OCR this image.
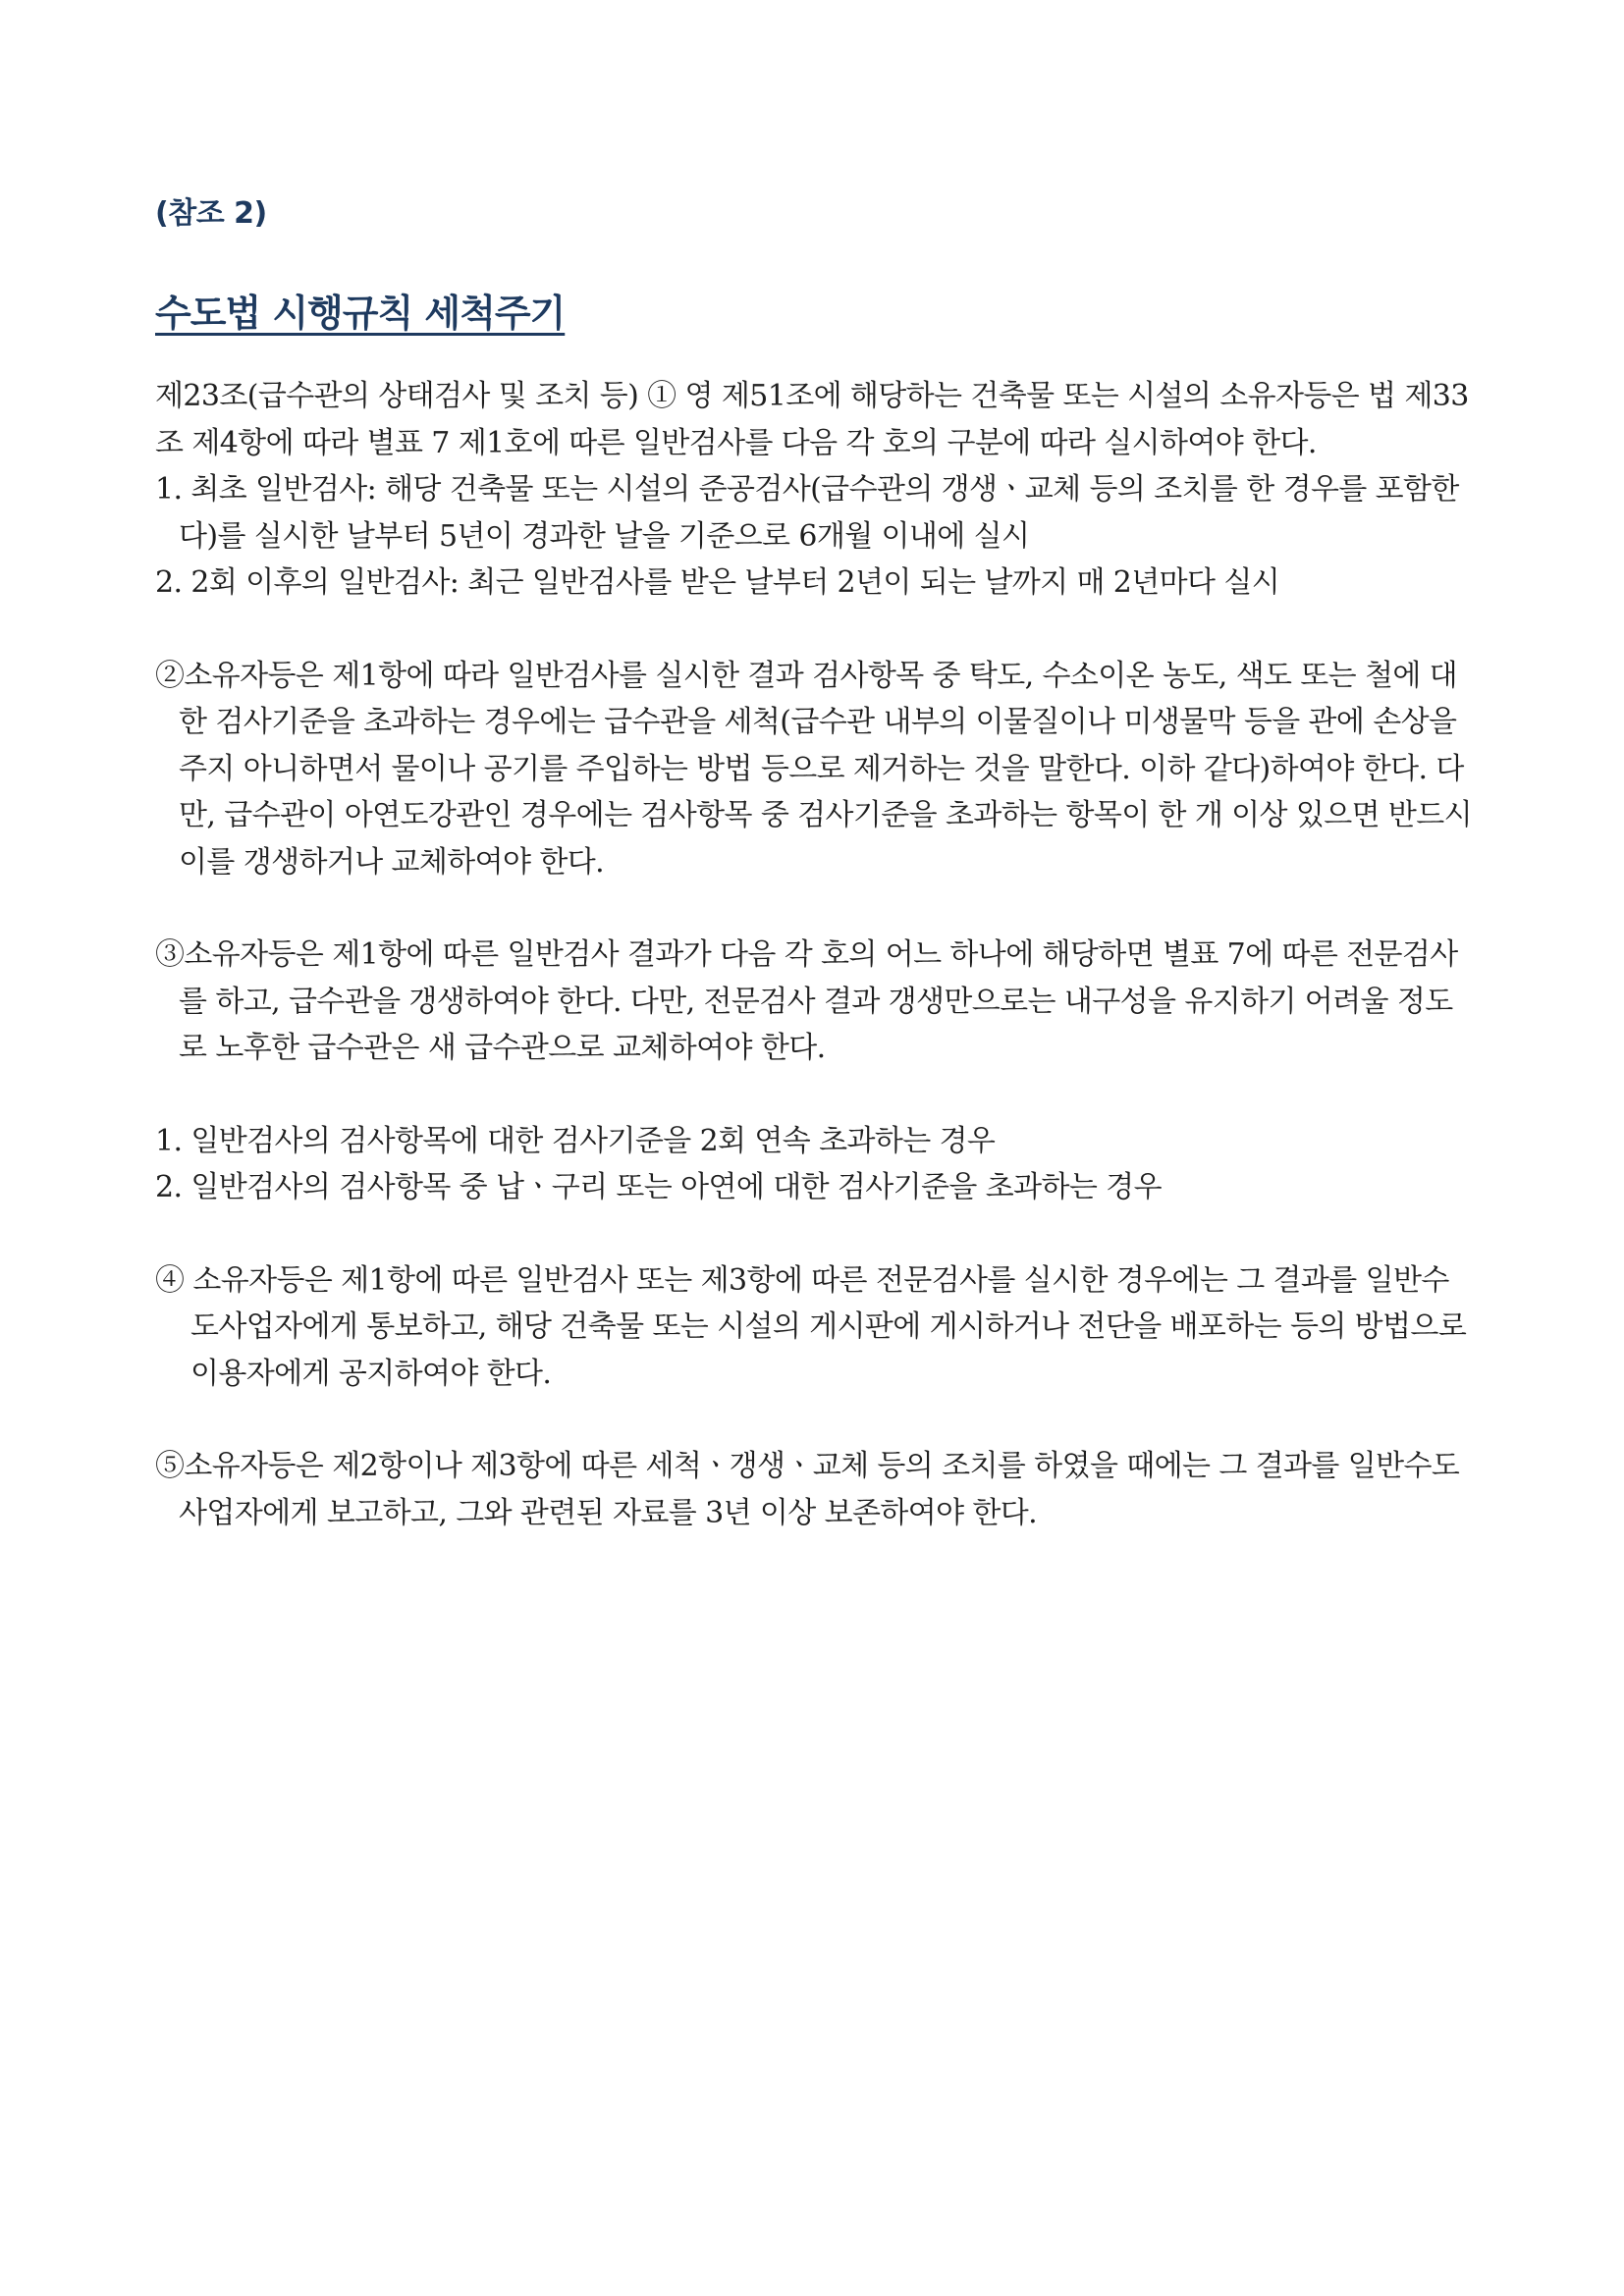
(참조 2)
수도법 시행규칙 세척주기

제23조(급수관의 상태검사 및 조치 등) ① 영 제51조에 해당하는 건축물 또는 시설의 소유자등은 법 제33조 제4항에 따라 별표 7 제1호에 따른 일반검사를 다음 각 호의 구분에 따라 실시하여야 한다.

1. 최초 일반검사: 해당 건축물 또는 시설의 준공검사(급수관의 갱생ㆍ교체 등의 조치를 한 경우를 포함한다)를 실시한 날부터 5년이 경과한 날을 기준으로 6개월 이내에 실시

2. 2회 이후의 일반검사: 최근 일반검사를 받은 날부터 2년이 되는 날까지 매 2년마다 실시

②소유자등은 제1항에 따라 일반검사를 실시한 결과 검사항목 중 탁도, 수소이온 농도, 색도 또는 철에 대한 검사기준을 초과하는 경우에는 급수관을 세척(급수관 내부의 이물질이나 미생물막 등을 관에 손상을 주지 아니하면서 물이나 공기를 주입하는 방법 등으로 제거하는 것을 말한다. 이하 같다)하여야 한다. 다만, 급수관이 아연도강관인 경우에는 검사항목 중 검사기준을 초과하는 항목이 한 개 이상 있으면 반드시 이를 갱생하거나 교체하여야 한다.

③소유자등은 제1항에 따른 일반검사 결과가 다음 각 호의 어느 하나에 해당하면 별표 7에 따른 전문검사를 하고, 급수관을 갱생하여야 한다. 다만, 전문검사 결과 갱생만으로는 내구성을 유지하기 어려울 정도로 노후한 급수관은 새 급수관으로 교체하여야 한다.

1. 일반검사의 검사항목에 대한 검사기준을 2회 연속 초과하는 경우

2. 일반검사의 검사항목 중 납ㆍ구리 또는 아연에 대한 검사기준을 초과하는 경우

④ 소유자등은 제1항에 따른 일반검사 또는 제3항에 따른 전문검사를 실시한 경우에는 그 결과를 일반수도사업자에게 통보하고, 해당 건축물 또는 시설의 게시판에 게시하거나 전단을 배포하는 등의 방법으로 이용자에게 공지하여야 한다.

⑤소유자등은 제2항이나 제3항에 따른 세척ㆍ갱생ㆍ교체 등의 조치를 하였을 때에는 그 결과를 일반수도사업자에게 보고하고, 그와 관련된 자료를 3년 이상 보존하여야 한다.
